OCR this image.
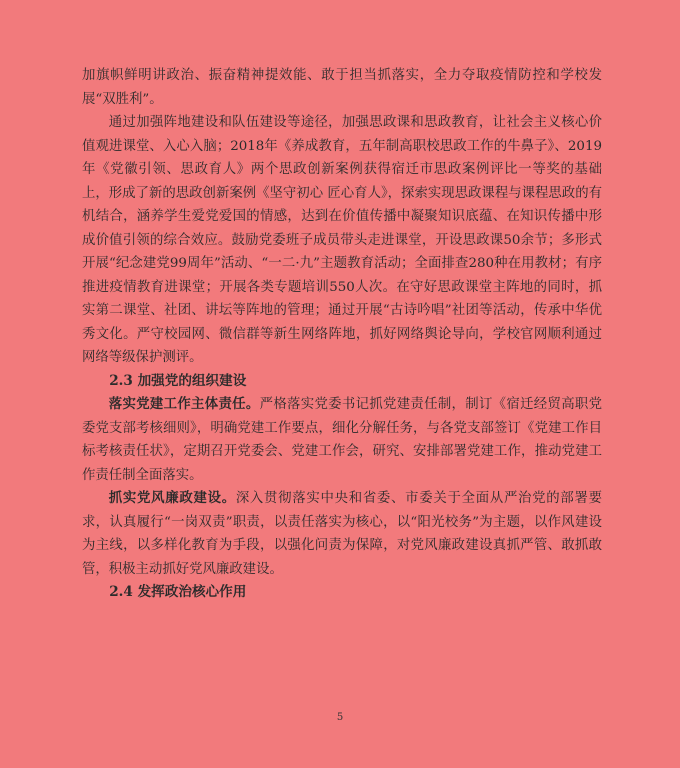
加旗帜鲜明讲政治、振奋精神提效能、敢于担当抓落实，全力夺取疫情防控和学校发展“双胜利”。

通过加强阵地建设和队伍建设等途径，加强思政课和思政教育，让社会主义核心价值观进课堂、入心入脑；2018年《养成教育，五年制高职校思政工作的牛鼻子》、2019年《党徽引领、思政育人》两个思政创新案例获得宿迁市思政案例评比一等奖的基础上，形成了新的思政创新案例《坚守初心 匠心育人》，探索实现思政课程与课程思政的有机结合，涵养学生爱党爱国的情感，达到在价值传播中凝聚知识底蕴、在知识传播中形成价值引领的综合效应。鼓励党委班子成员带头走进课堂，开设思政课50余节；多形式开展“纪念建党99周年”活动、“一二·九”主题教育活动；全面排查280种在用教材；有序推进疫情教育进课堂；开展各类专题培训550人次。在守好思政课堂主阵地的同时，抓实第二课堂、社团、讲坛等阵地的管理；通过开展“古诗吟唱”社团等活动，传承中华优秀文化。严守校园网、微信群等新生网络阵地，抓好网络舆论导向，学校官网顺利通过网络等级保护测评。

2.3 加强党的组织建设

落实党建工作主体责任。严格落实党委书记抓党建责任制，制订《宿迁经贸高职党委党支部考核细则》，明确党建工作要点，细化分解任务，与各党支部签订《党建工作目标考核责任状》，定期召开党委会、党建工作会，研究、安排部署党建工作，推动党建工作责任制全面落实。

抓实党风廉政建设。深入贯彻落实中央和省委、市委关于全面从严治党的部署要求，认真履行“一岗双责”职责，以责任落实为核心，以“阳光校务”为主题，以作风建设为主线，以多样化教育为手段，以强化问责为保障，对党风廉政建设真抓严管、敢抓敢管，积极主动抓好党风廉政建设。

2.4 发挥政治核心作用
5
